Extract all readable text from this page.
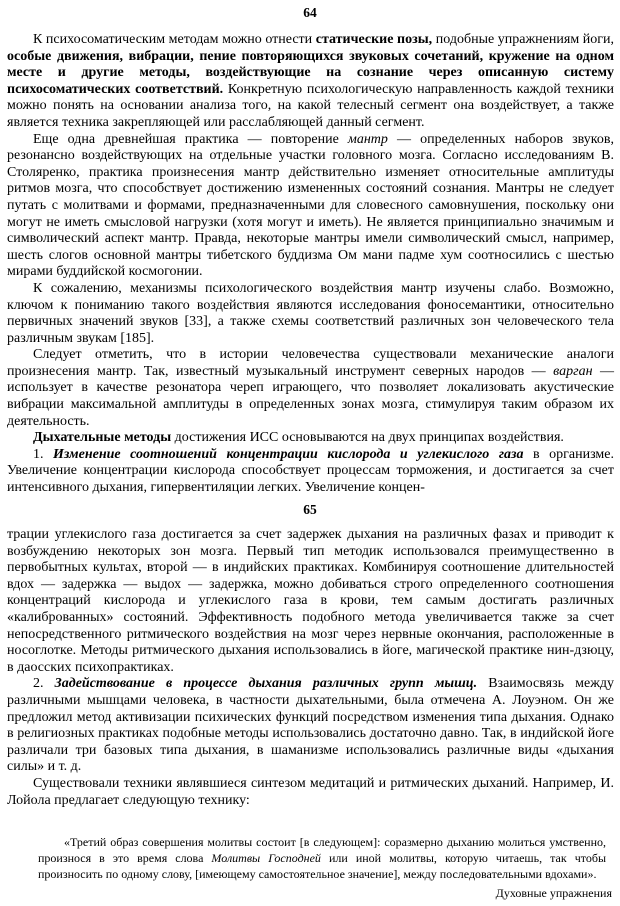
64

К психосоматическим методам можно отнести статические позы, подобные упражнениям йоги, особые движения, вибрации, пение повторяющихся звуковых сочетаний, кружение на одном месте и другие методы, воздействующие на сознание через описанную систему психосоматических соответствий. Конкретную психологическую направленность каждой техники можно понять на основании анализа того, на какой телесный сегмент она воздействует, а также является техника закрепляющей или расслабляющей данный сегмент.

Еще одна древнейшая практика — повторение мантр — определенных наборов звуков, резонансно воздействующих на отдельные участки головного мозга. Согласно исследованиям В. Столяренко, практика произнесения мантр действительно изменяет относительные амплитуды ритмов мозга, что способствует достижению измененных состояний сознания. Мантры не следует путать с молитвами и формами, предназначенными для словесного самовнушения, поскольку они могут не иметь смысловой нагрузки (хотя могут и иметь). Не является принципиально значимым и символический аспект мантр. Правда, некоторые мантры имели символический смысл, например, шесть слогов основной мантры тибетского буддизма Ом мани падме хум соотносились с шестью мирами буддийской космогонии.

К сожалению, механизмы психологического воздействия мантр изучены слабо. Возможно, ключом к пониманию такого воздействия являются исследования фоносемантики, относительно первичных значений звуков [33], а также схемы соответствий различных зон человеческого тела различным звукам [185].

Следует отметить, что в истории человечества существовали механические аналоги произнесения мантр. Так, известный музыкальный инструмент северных народов — варган — использует в качестве резонатора череп играющего, что позволяет локализовать акустические вибрации максимальной амплитуды в определенных зонах мозга, стимулируя таким образом их деятельность.

Дыхательные методы достижения ИСС основываются на двух принципах воздействия.

1. Изменение соотношений концентрации кислорода и углекислого газа в организме. Увеличение концентрации кислорода способствует процессам торможения, и достигается за счет интенсивного дыхания, гипервентиляции легких. Увеличение концен-

65

трации углекислого газа достигается за счет задержек дыхания на различных фазах и приводит к возбуждению некоторых зон мозга. Первый тип методик использовался преимущественно в первобытных культах, второй — в индийских практиках. Комбинируя соотношение длительностей вдох — задержка — выдох — задержка, можно добиваться строго определенного соотношения концентраций кислорода и углекислого газа в крови, тем самым достигать различных «калиброванных» состояний. Эффективность подобного метода увеличивается также за счет непосредственного ритмического воздействия на мозг через нервные окончания, расположенные в носоглотке. Методы ритмического дыхания использовались в йоге, магической практике нин-дзюцу, в даосских психопрактиках.

2. Задействование в процессе дыхания различных групп мышц. Взаимосвязь между различными мышцами человека, в частности дыхательными, была отмечена А. Лоуэном. Он же предложил метод активизации психических функций посредством изменения типа дыхания. Однако в религиозных практиках подобные методы использовались достаточно давно. Так, в индийской йоге различали три базовых типа дыхания, в шаманизме использовались различные виды «дыхания силы» и т. д.

Существовали техники являвшиеся синтезом медитаций и ритмических дыханий. Например, И. Лойола предлагает следующую технику:

«Третий образ совершения молитвы состоит [в следующем]: соразмерно дыханию молиться умственно, произнося в это время слова Молитвы Господней или иной молитвы, которую читаешь, так чтобы произносить по одному слову, [имеющему самостоятельное значение], между последовательными вдохами».

Духовные упражнения
